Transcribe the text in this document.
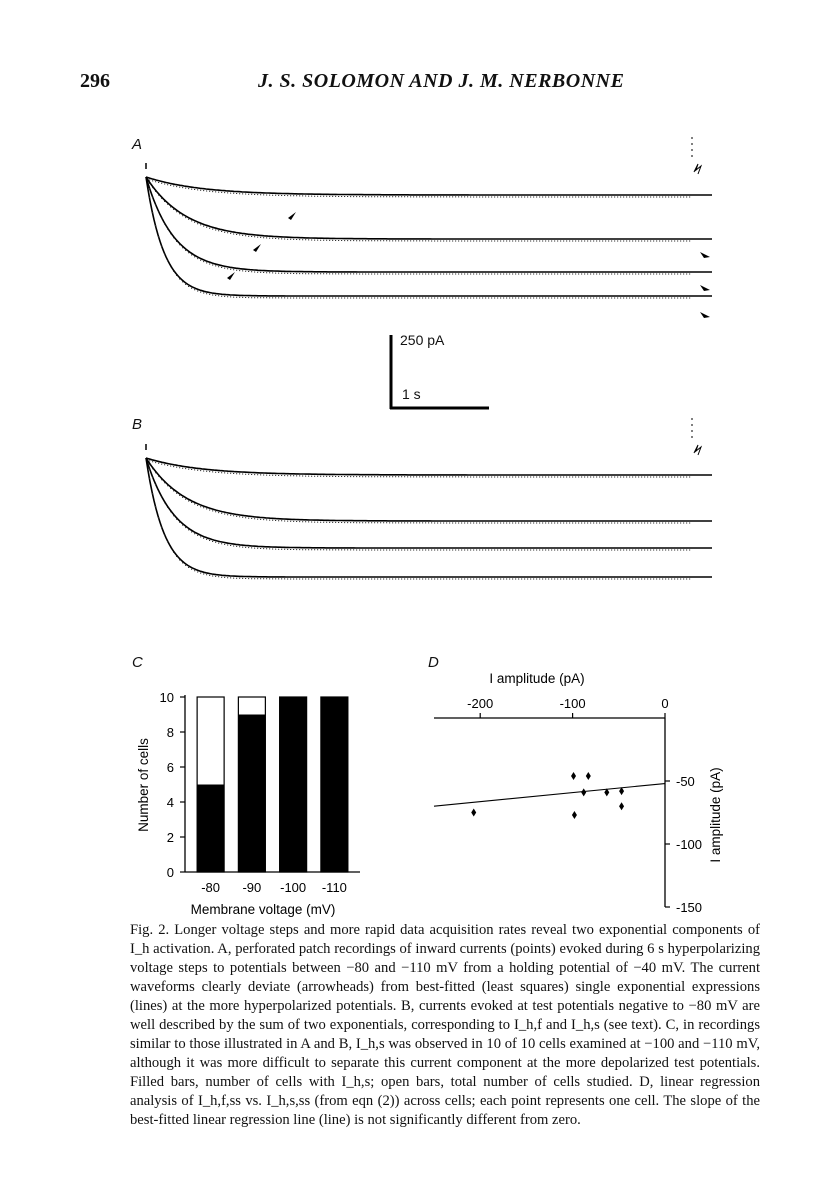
296	J. S. SOLOMON AND J. M. NERBONNE
A
B
C	D
0
2
4
6
8
10
-80 -90 -100 -110
Membrane voltage (mV)
Number of cells
-200	-100	0
-50
-100
-150
I amplitude (pA)
I amplitude (pA)
250 pA
1 s
Fig. 2. Longer voltage steps and more rapid data acquisition rates reveal two exponential components of I_h activation. A, perforated patch recordings of inward currents (points) evoked during 6 s hyperpolarizing voltage steps to potentials between −80 and −110 mV from a holding potential of −40 mV. The current waveforms clearly deviate (arrowheads) from best-fitted (least squares) single exponential expressions (lines) at the more hyperpolarized potentials. B, currents evoked at test potentials negative to −80 mV are well described by the sum of two exponentials, corresponding to I_h,f and I_h,s (see text). C, in recordings similar to those illustrated in A and B, I_h,s was observed in 10 of 10 cells examined at −100 and −110 mV, although it was more difficult to separate this current component at the more depolarized test potentials. Filled bars, number of cells with I_h,s; open bars, total number of cells studied. D, linear regression analysis of I_h,f,ss vs. I_h,s,ss (from eqn (2)) across cells; each point represents one cell. The slope of the best-fitted linear regression line (line) is not significantly different from zero.
